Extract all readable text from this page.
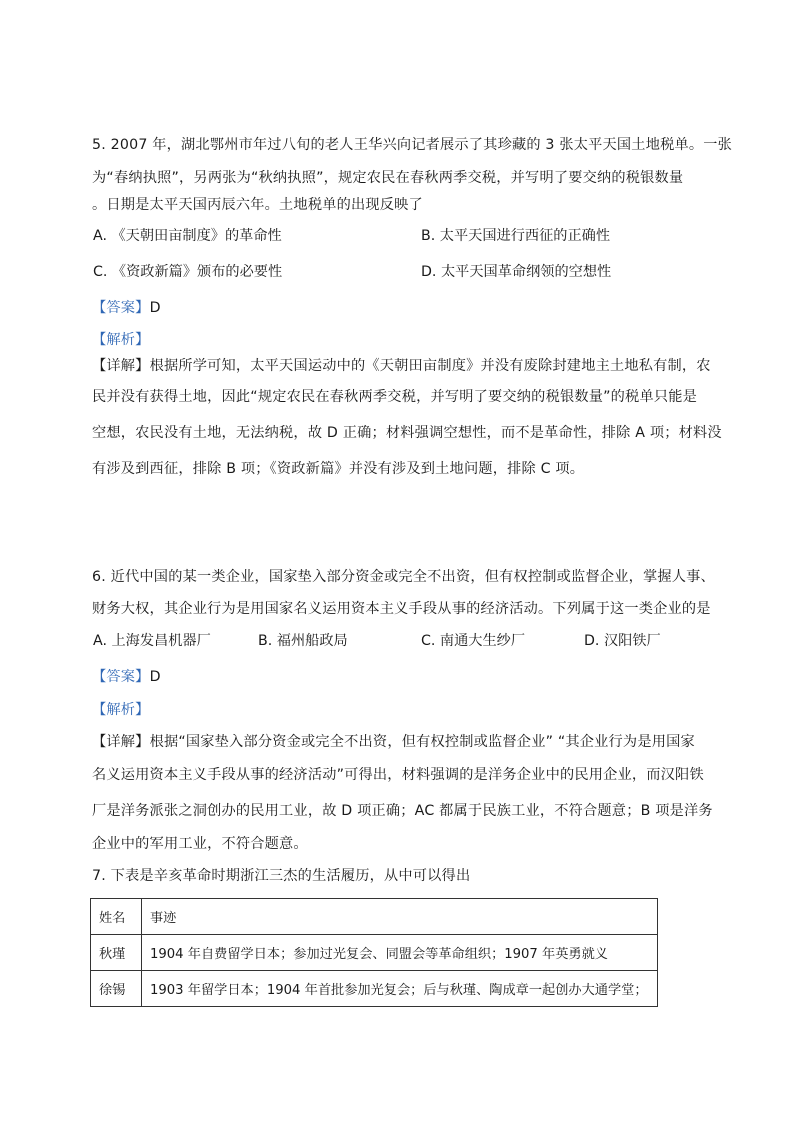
5. 2007 年，湖北鄂州市年过八旬的老人王华兴向记者展示了其珍藏的 3 张太平天国土地税单。一张
为“春纳执照”，另两张为“秋纳执照”，规定农民在春秋两季交税，并写明了要交纳的税银数量
。日期是太平天国丙辰六年。土地税单的出现反映了
A. 《天朝田亩制度》的革命性	B. 太平天国进行西征的正确性
C. 《资政新篇》颁布的必要性	D. 太平天国革命纲领的空想性
【答案】D
【解析】
【详解】根据所学可知，太平天国运动中的《天朝田亩制度》并没有废除封建地主土地私有制，农
民并没有获得土地，因此“规定农民在春秋两季交税，并写明了要交纳的税银数量”的税单只能是
空想，农民没有土地，无法纳税，故 D 正确；材料强调空想性，而不是革命性，排除 A 项；材料没
有涉及到西征，排除 B 项；《资政新篇》并没有涉及到土地问题，排除 C 项。
6. 近代中国的某一类企业，国家垫入部分资金或完全不出资，但有权控制或监督企业，掌握人事、
财务大权，其企业行为是用国家名义运用资本主义手段从事的经济活动。下列属于这一类企业的是
A. 上海发昌机器厂	B. 福州船政局	C. 南通大生纱厂	D. 汉阳铁厂
【答案】D
【解析】
【详解】根据“国家垫入部分资金或完全不出资，但有权控制或监督企业” “其企业行为是用国家
名义运用资本主义手段从事的经济活动”可得出，材料强调的是洋务企业中的民用企业，而汉阳铁
厂是洋务派张之洞创办的民用工业，故 D 项正确；AC 都属于民族工业，不符合题意；B 项是洋务
企业中的军用工业，不符合题意。
7. 下表是辛亥革命时期浙江三杰的生活履历，从中可以得出
姓名	事迹
秋瑾	1904 年自费留学日本；参加过光复会、同盟会等革命组织；1907 年英勇就义
徐锡	1903 年留学日本；1904 年首批参加光复会；后与秋瑾、陶成章一起创办大通学堂；
